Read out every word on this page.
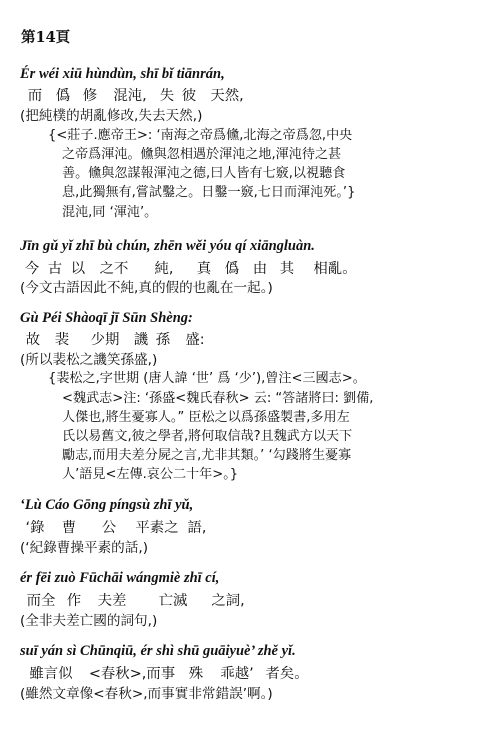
第14頁
Ér wéi xiū hùndùn, shī bǐ tiānrán,
而 僞 修 混沌, 失 彼 天然,
(把純樸的胡亂修改,失去天然,)
{<莊子.應帝王>: ‘南海之帝爲儵,北海之帝爲忽,中央
之帝爲渾沌。儵與忽相遇於渾沌之地,渾沌待之甚
善。儵與忽謀報渾沌之德,曰人皆有七竅,以視聽食
息,此獨無有,嘗試鑿之。日鑿一竅,七日而渾沌死。’}
混沌,同 ‘渾沌’。
Jīn gǔ yǐ zhī bù chún, zhēn wěi yóu qí xiāngluàn.
今 古 以 之不 純, 真 僞 由 其 相亂。
(今文古語因此不純,真的假的也亂在一起。)
Gù Péi Shàoqī jī Sūn Shèng:
故 裴 少期 譏 孫 盛:
(所以裴松之譏笑孫盛,)
{裴松之,字世期 (唐人諱 ‘世’ 爲 ‘少’),曾注<三國志>。
<魏武志>注: ‘孫盛<魏氏春秋> 云: “答諸將曰: 劉備,
人傑也,將生憂寡人。” 臣松之以爲孫盛製書,多用左
氏以易舊文,彼之學者,將何取信哉?且魏武方以天下
勵志,而用夫差分屍之言,尤非其類。’ ‘勾踐將生憂寡
人’語見<左傳.哀公二十年>。}
‘Lù Cáo Gōng píngsù zhī yǔ,
‘錄 曹 公 平素之 語,
(‘紀錄曹操平素的話,)
ér fēi zuò Fūchāi wángmiè zhī cí,
而全 作 夫差 亡滅 之詞,
(全非夫差亡國的詞句,)
suī yán sì Chūnqiū, ér shì shū guāiyuè’ zhě yǐ.
雖言似 <春秋>,而事 殊 乖越’ 者矣。
(雖然文章像<春秋>,而事實非常錯誤’啊。)
